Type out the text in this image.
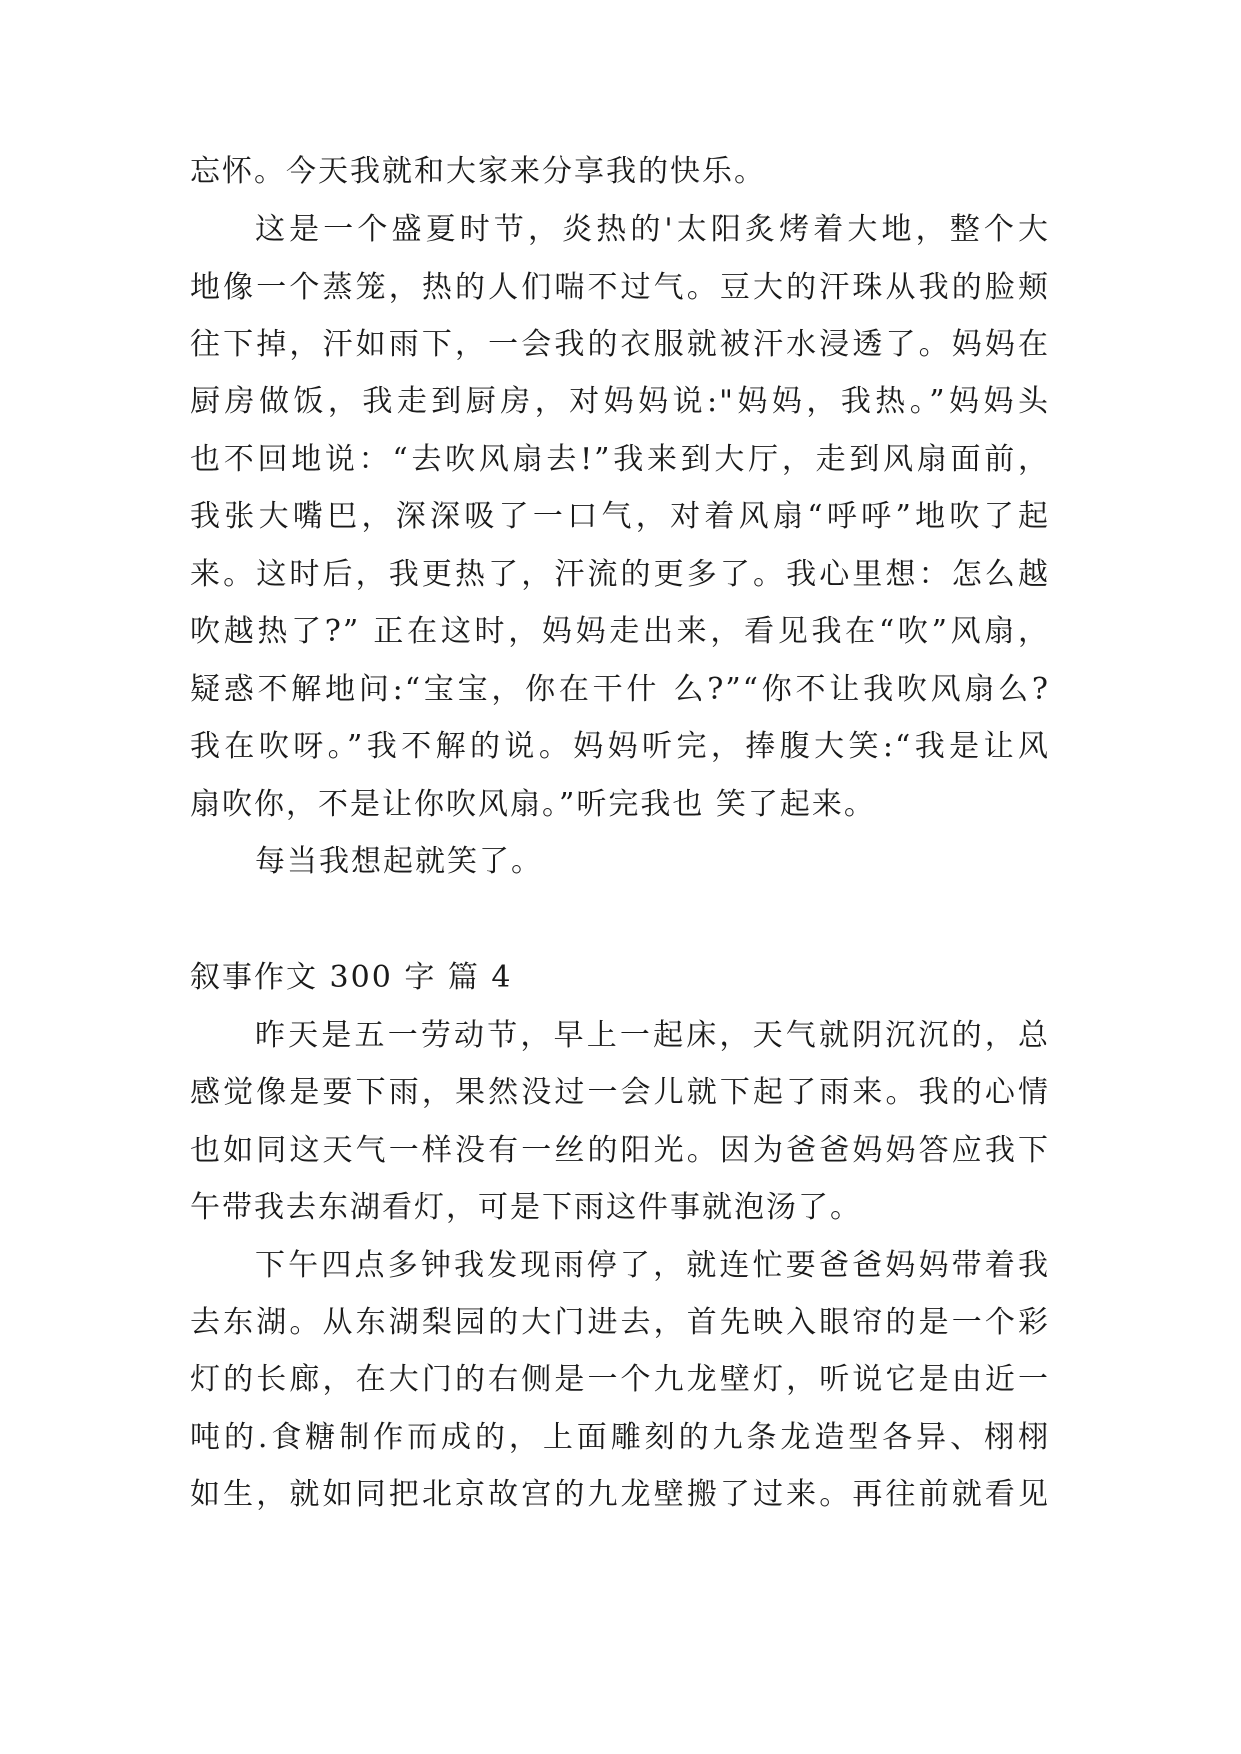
忘怀。今天我就和大家来分享我的快乐。
这是一个盛夏时节，炎热的'太阳炙烤着大地，整个大
地像一个蒸笼，热的人们喘不过气。豆大的汗珠从我的脸颊
往下掉，汗如雨下，一会我的衣服就被汗水浸透了。妈妈在
厨房做饭，我走到厨房，对妈妈说:"妈妈，我热。”妈妈头
也不回地说：“去吹风扇去!”我来到大厅，走到风扇面前，
我张大嘴巴，深深吸了一口气，对着风扇“呼呼”地吹了起
来。这时后，我更热了，汗流的更多了。我心里想：怎么越
吹越热了?” 正在这时，妈妈走出来，看见我在“吹”风扇，
疑惑不解地问:“宝宝，你在干什 么?”“你不让我吹风扇么?
我在吹呀。”我不解的说。妈妈听完，捧腹大笑:“我是让风
扇吹你，不是让你吹风扇。”听完我也 笑了起来。
每当我想起就笑了。
叙事作文 300 字 篇 4
昨天是五一劳动节，早上一起床，天气就阴沉沉的，总
感觉像是要下雨，果然没过一会儿就下起了雨来。我的心情
也如同这天气一样没有一丝的阳光。因为爸爸妈妈答应我下
午带我去东湖看灯，可是下雨这件事就泡汤了。
下午四点多钟我发现雨停了，就连忙要爸爸妈妈带着我
去东湖。从东湖梨园的大门进去，首先映入眼帘的是一个彩
灯的长廊，在大门的右侧是一个九龙壁灯，听说它是由近一
吨的.食糖制作而成的，上面雕刻的九条龙造型各异、栩栩
如生，就如同把北京故宫的九龙壁搬了过来。再往前就看见
